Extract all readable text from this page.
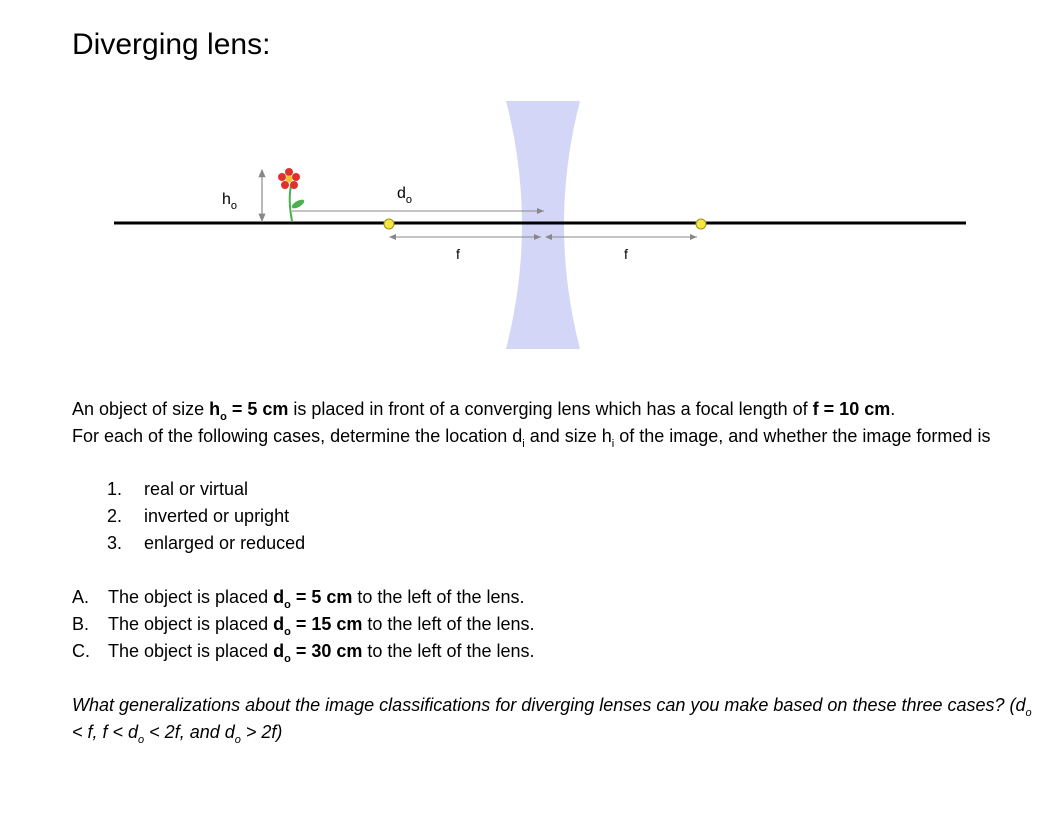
Diverging lens:
$h_o$
$d_o$
f	f
An object of size $h_o = 5$ cm is placed in front of a converging lens which has a focal length of f = 10 cm.
For each of the following cases, determine the location $d_i$ and size $h_i$ of the image, and whether the image formed is
1. real or virtual
2. inverted or upright
3. enlarged or reduced
A. The object is placed $d_o = 5$ cm to the left of the lens.
B. The object is placed $d_o = 15$ cm to the left of the lens.
C. The object is placed $d_o = 30$ cm to the left of the lens.
What generalizations about the image classifications for diverging lenses can you make based on these three cases? ($d_o < f$, $f < d_o < 2f$, and $d_o > 2f$)
